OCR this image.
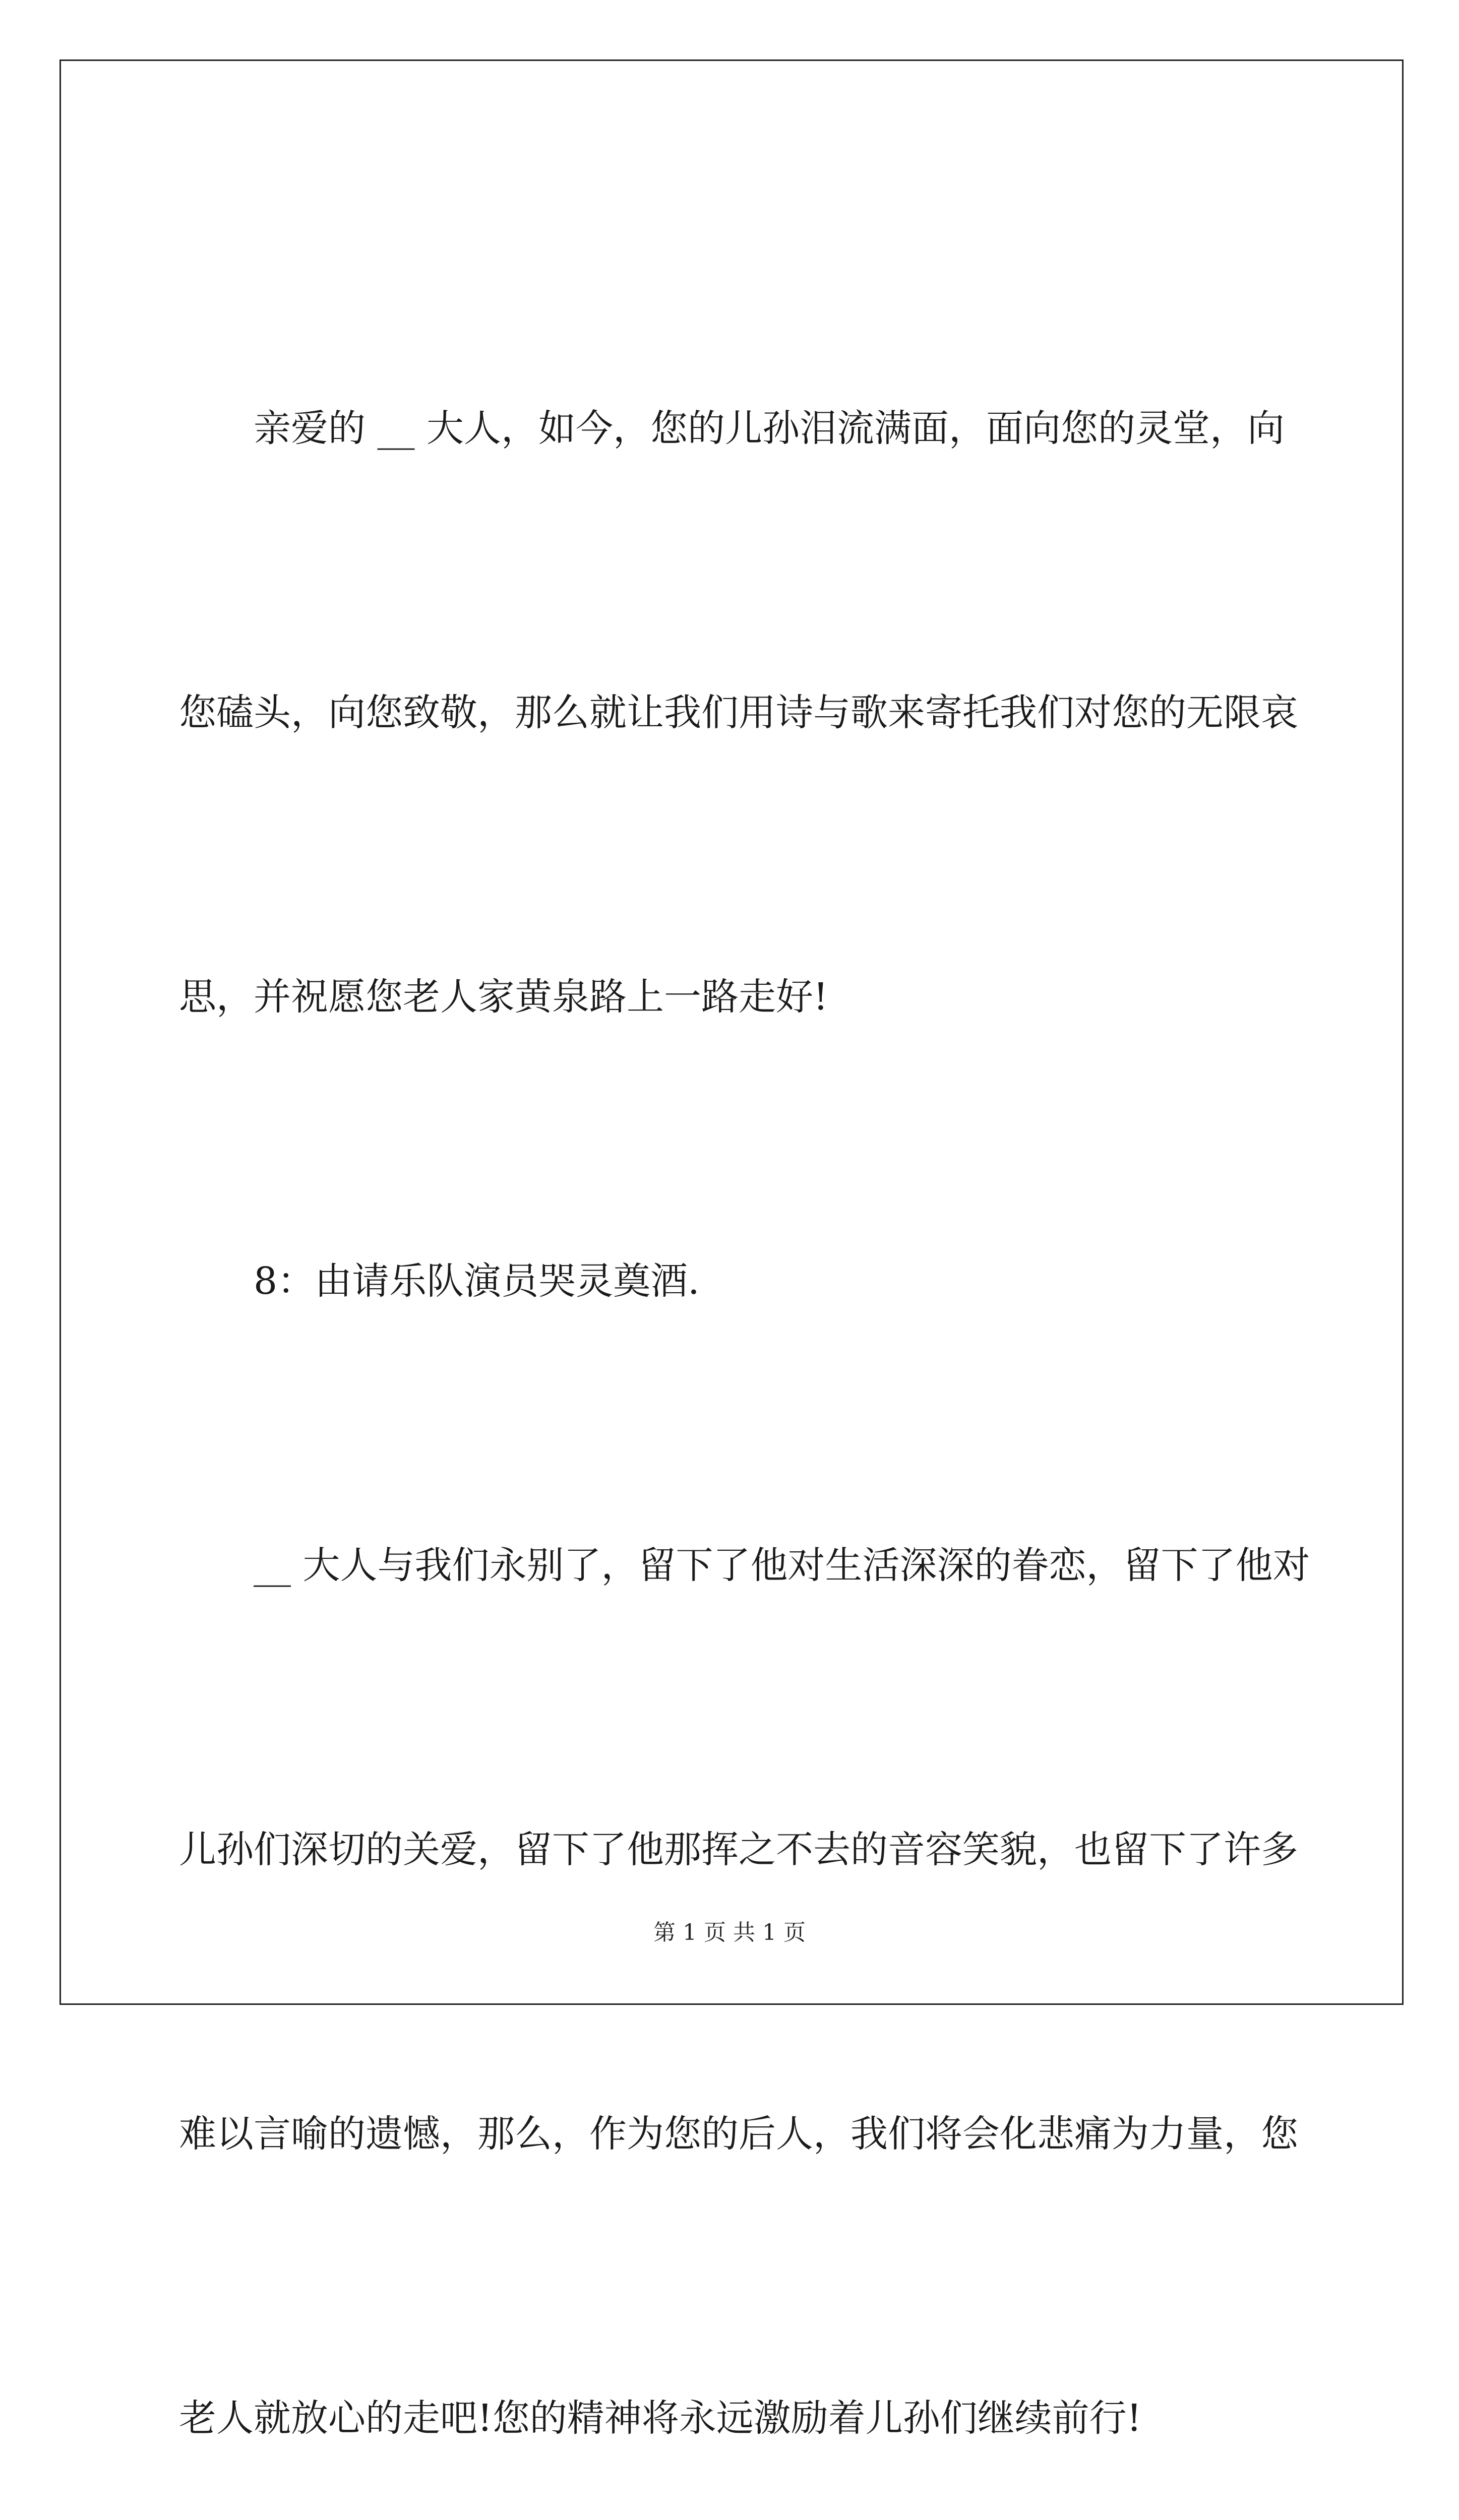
亲爱的 __ 大人，如今，您的儿孙泪流满面，面向您的灵堂，向

您磕头，向您致敬，那么就让我们用诗与歌来寄托我们对您的无限哀

思，并祝愿您老人家黄泉路上一路走好!

8：由请乐队演员哭灵奠酒.

__ 大人与我们永别了，留下了他对生活深深的眷恋，留下了他对

儿孙们深切的关爱，留下了他那挥之不去的音容笑貌，也留下了许多

难以言喻的遗憾，那么，作为您的后人，我们将会化悲痛为力量，您

老人就放心的走吧!您的精神将永远激励着儿孙们继续前行!

第 1 页 共 1 页
